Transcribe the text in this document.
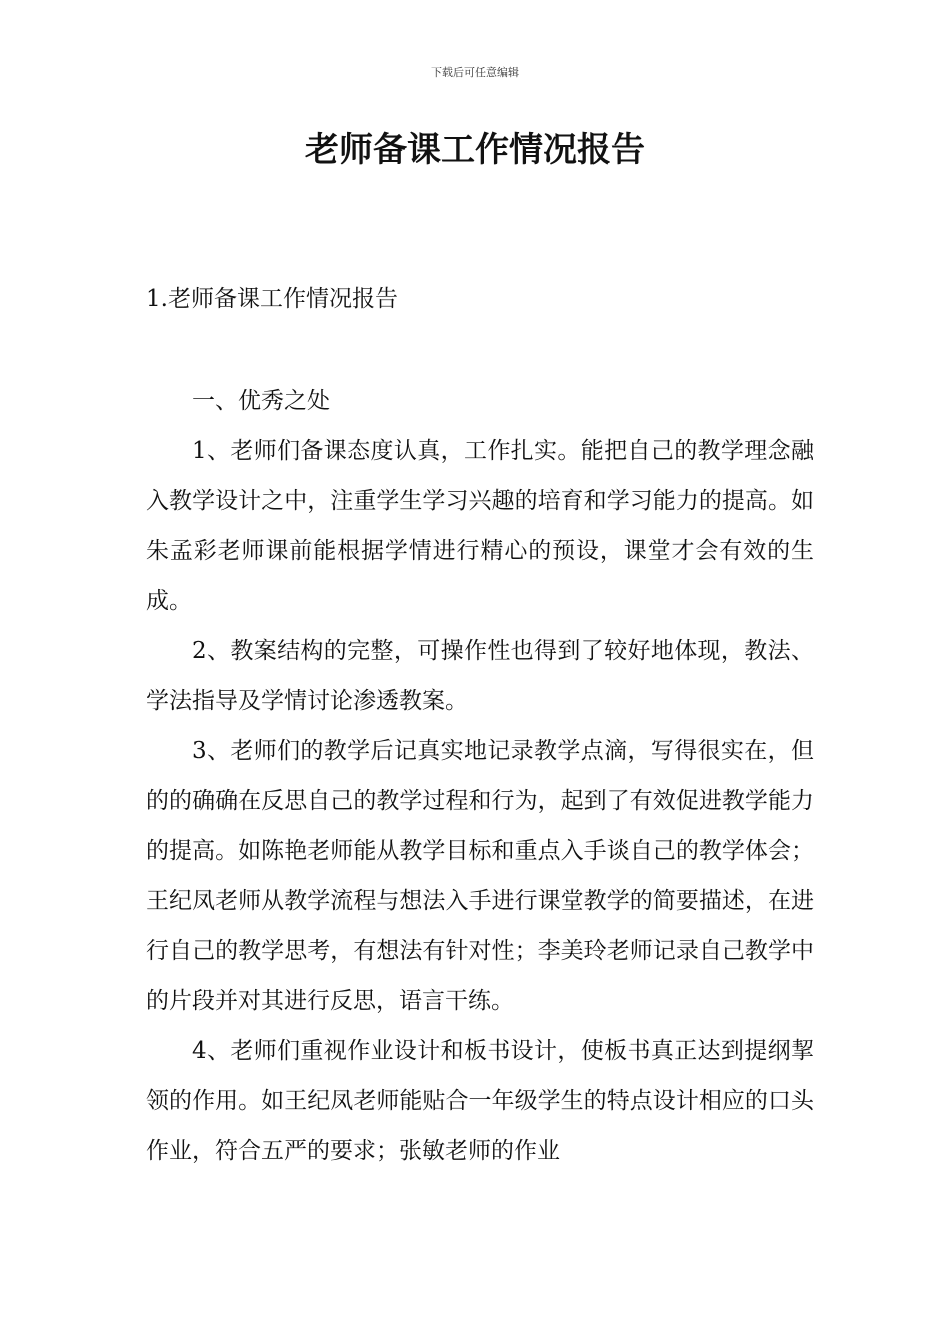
下载后可任意编辑
老师备课工作情况报告
1.老师备课工作情况报告

一、优秀之处

1、老师们备课态度认真，工作扎实。能把自己的教学理念融入教学设计之中，注重学生学习兴趣的培育和学习能力的提高。如朱孟彩老师课前能根据学情进行精心的预设，课堂才会有效的生成。

2、教案结构的完整，可操作性也得到了较好地体现，教法、学法指导及学情讨论渗透教案。

3、老师们的教学后记真实地记录教学点滴，写得很实在，但的的确确在反思自己的教学过程和行为，起到了有效促进教学能力的提高。如陈艳老师能从教学目标和重点入手谈自己的教学体会；王纪凤老师从教学流程与想法入手进行课堂教学的简要描述，在进行自己的教学思考，有想法有针对性；李美玲老师记录自己教学中的片段并对其进行反思，语言干练。

4、老师们重视作业设计和板书设计，使板书真正达到提纲挈领的作用。如王纪凤老师能贴合一年级学生的特点设计相应的口头作业，符合五严的要求；张敏老师的作业
